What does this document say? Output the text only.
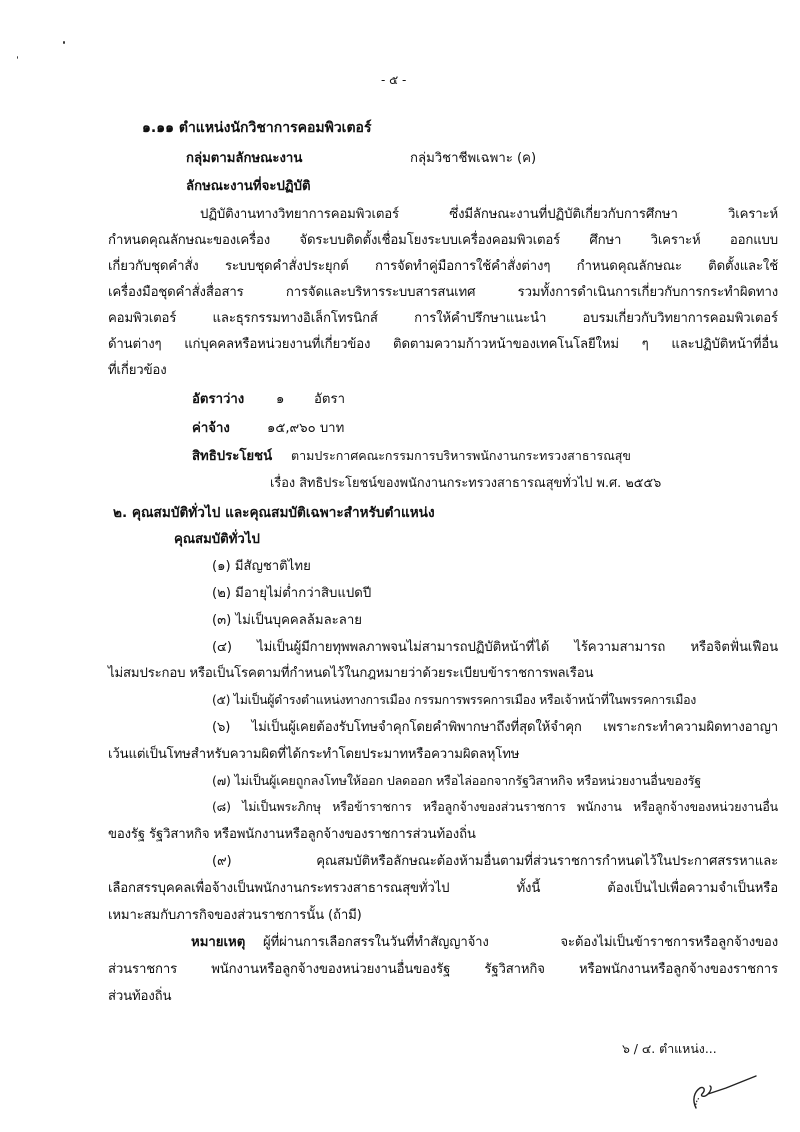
- ๕ -
๑.๑๑ ตำแหน่งนักวิชาการคอมพิวเตอร์
กลุ่มตามลักษณะงาน	กลุ่มวิชาชีพเฉพาะ (ค)
ลักษณะงานที่จะปฏิบัติ
ปฏิบัติงานทางวิทยาการคอมพิวเตอร์ ซึ่งมีลักษณะงานที่ปฏิบัติเกี่ยวกับการศึกษา วิเคราะห์
กำหนดคุณลักษณะของเครื่อง จัดระบบติดตั้งเชื่อมโยงระบบเครื่องคอมพิวเตอร์ ศึกษา วิเคราะห์ ออกแบบ
เกี่ยวกับชุดคำสั่ง ระบบชุดคำสั่งประยุกต์ การจัดทำคู่มือการใช้คำสั่งต่างๆ กำหนดคุณลักษณะ ติดตั้งและใช้
เครื่องมือชุดคำสั่งสื่อสาร การจัดและบริหารระบบสารสนเทศ รวมทั้งการดำเนินการเกี่ยวกับการกระทำผิดทาง
คอมพิวเตอร์ และธุรกรรมทางอิเล็กโทรนิกส์ การให้คำปรึกษาแนะนำ อบรมเกี่ยวกับวิทยาการคอมพิวเตอร์
ด้านต่างๆ แก่บุคคลหรือหน่วยงานที่เกี่ยวข้อง ติดตามความก้าวหน้าของเทคโนโลยีใหม่ ๆ และปฏิบัติหน้าที่อื่น
ที่เกี่ยวข้อง
อัตราว่าง ๑ อัตรา
ค่าจ้าง	๑๕,๙๖๐ บาท
สิทธิประโยชน์ ตามประกาศคณะกรรมการบริหารพนักงานกระทรวงสาธารณสุข
เรื่อง สิทธิประโยชน์ของพนักงานกระทรวงสาธารณสุขทั่วไป พ.ศ. ๒๕๕๖
๒. คุณสมบัติทั่วไป และคุณสมบัติเฉพาะสำหรับตำแหน่ง
คุณสมบัติทั่วไป
(๑) มีสัญชาติไทย
(๒) มีอายุไม่ต่ำกว่าสิบแปดปี
(๓) ไม่เป็นบุคคลล้มละลาย
(๔) ไม่เป็นผู้มีกายทุพพลภาพจนไม่สามารถปฏิบัติหน้าที่ได้ ไร้ความสามารถ หรือจิตฟั่นเฟือน
ไม่สมประกอบ หรือเป็นโรคตามที่กำหนดไว้ในกฎหมายว่าด้วยระเบียบข้าราชการพลเรือน
(๕) ไม่เป็นผู้ดำรงตำแหน่งทางการเมือง กรรมการพรรคการเมือง หรือเจ้าหน้าที่ในพรรคการเมือง
(๖) ไม่เป็นผู้เคยต้องรับโทษจำคุกโดยคำพิพากษาถึงที่สุดให้จำคุก เพราะกระทำความผิดทางอาญา
เว้นแต่เป็นโทษสำหรับความผิดที่ได้กระทำโดยประมาทหรือความผิดลหุโทษ
(๗) ไม่เป็นผู้เคยถูกลงโทษให้ออก ปลดออก หรือไล่ออกจากรัฐวิสาหกิจ หรือหน่วยงานอื่นของรัฐ
(๘) ไม่เป็นพระภิกษุ หรือข้าราชการ หรือลูกจ้างของส่วนราชการ พนักงาน หรือลูกจ้างของหน่วยงานอื่น
ของรัฐ รัฐวิสาหกิจ หรือพนักงานหรือลูกจ้างของราชการส่วนท้องถิ่น
(๙) คุณสมบัติหรือลักษณะต้องห้ามอื่นตามที่ส่วนราชการกำหนดไว้ในประกาศสรรหาและ
เลือกสรรบุคคลเพื่อจ้างเป็นพนักงานกระทรวงสาธารณสุขทั่วไป ทั้งนี้ ต้องเป็นไปเพื่อความจำเป็นหรือ
เหมาะสมกับภารกิจของส่วนราชการนั้น (ถ้ามี)
หมายเหตุ ผู้ที่ผ่านการเลือกสรรในวันที่ทำสัญญาจ้าง จะต้องไม่เป็นข้าราชการหรือลูกจ้างของ
ส่วนราชการ พนักงานหรือลูกจ้างของหน่วยงานอื่นของรัฐ รัฐวิสาหกิจ หรือพนักงานหรือลูกจ้างของราชการ
ส่วนท้องถิ่น
๖ / ๔. ตำแหน่ง...
